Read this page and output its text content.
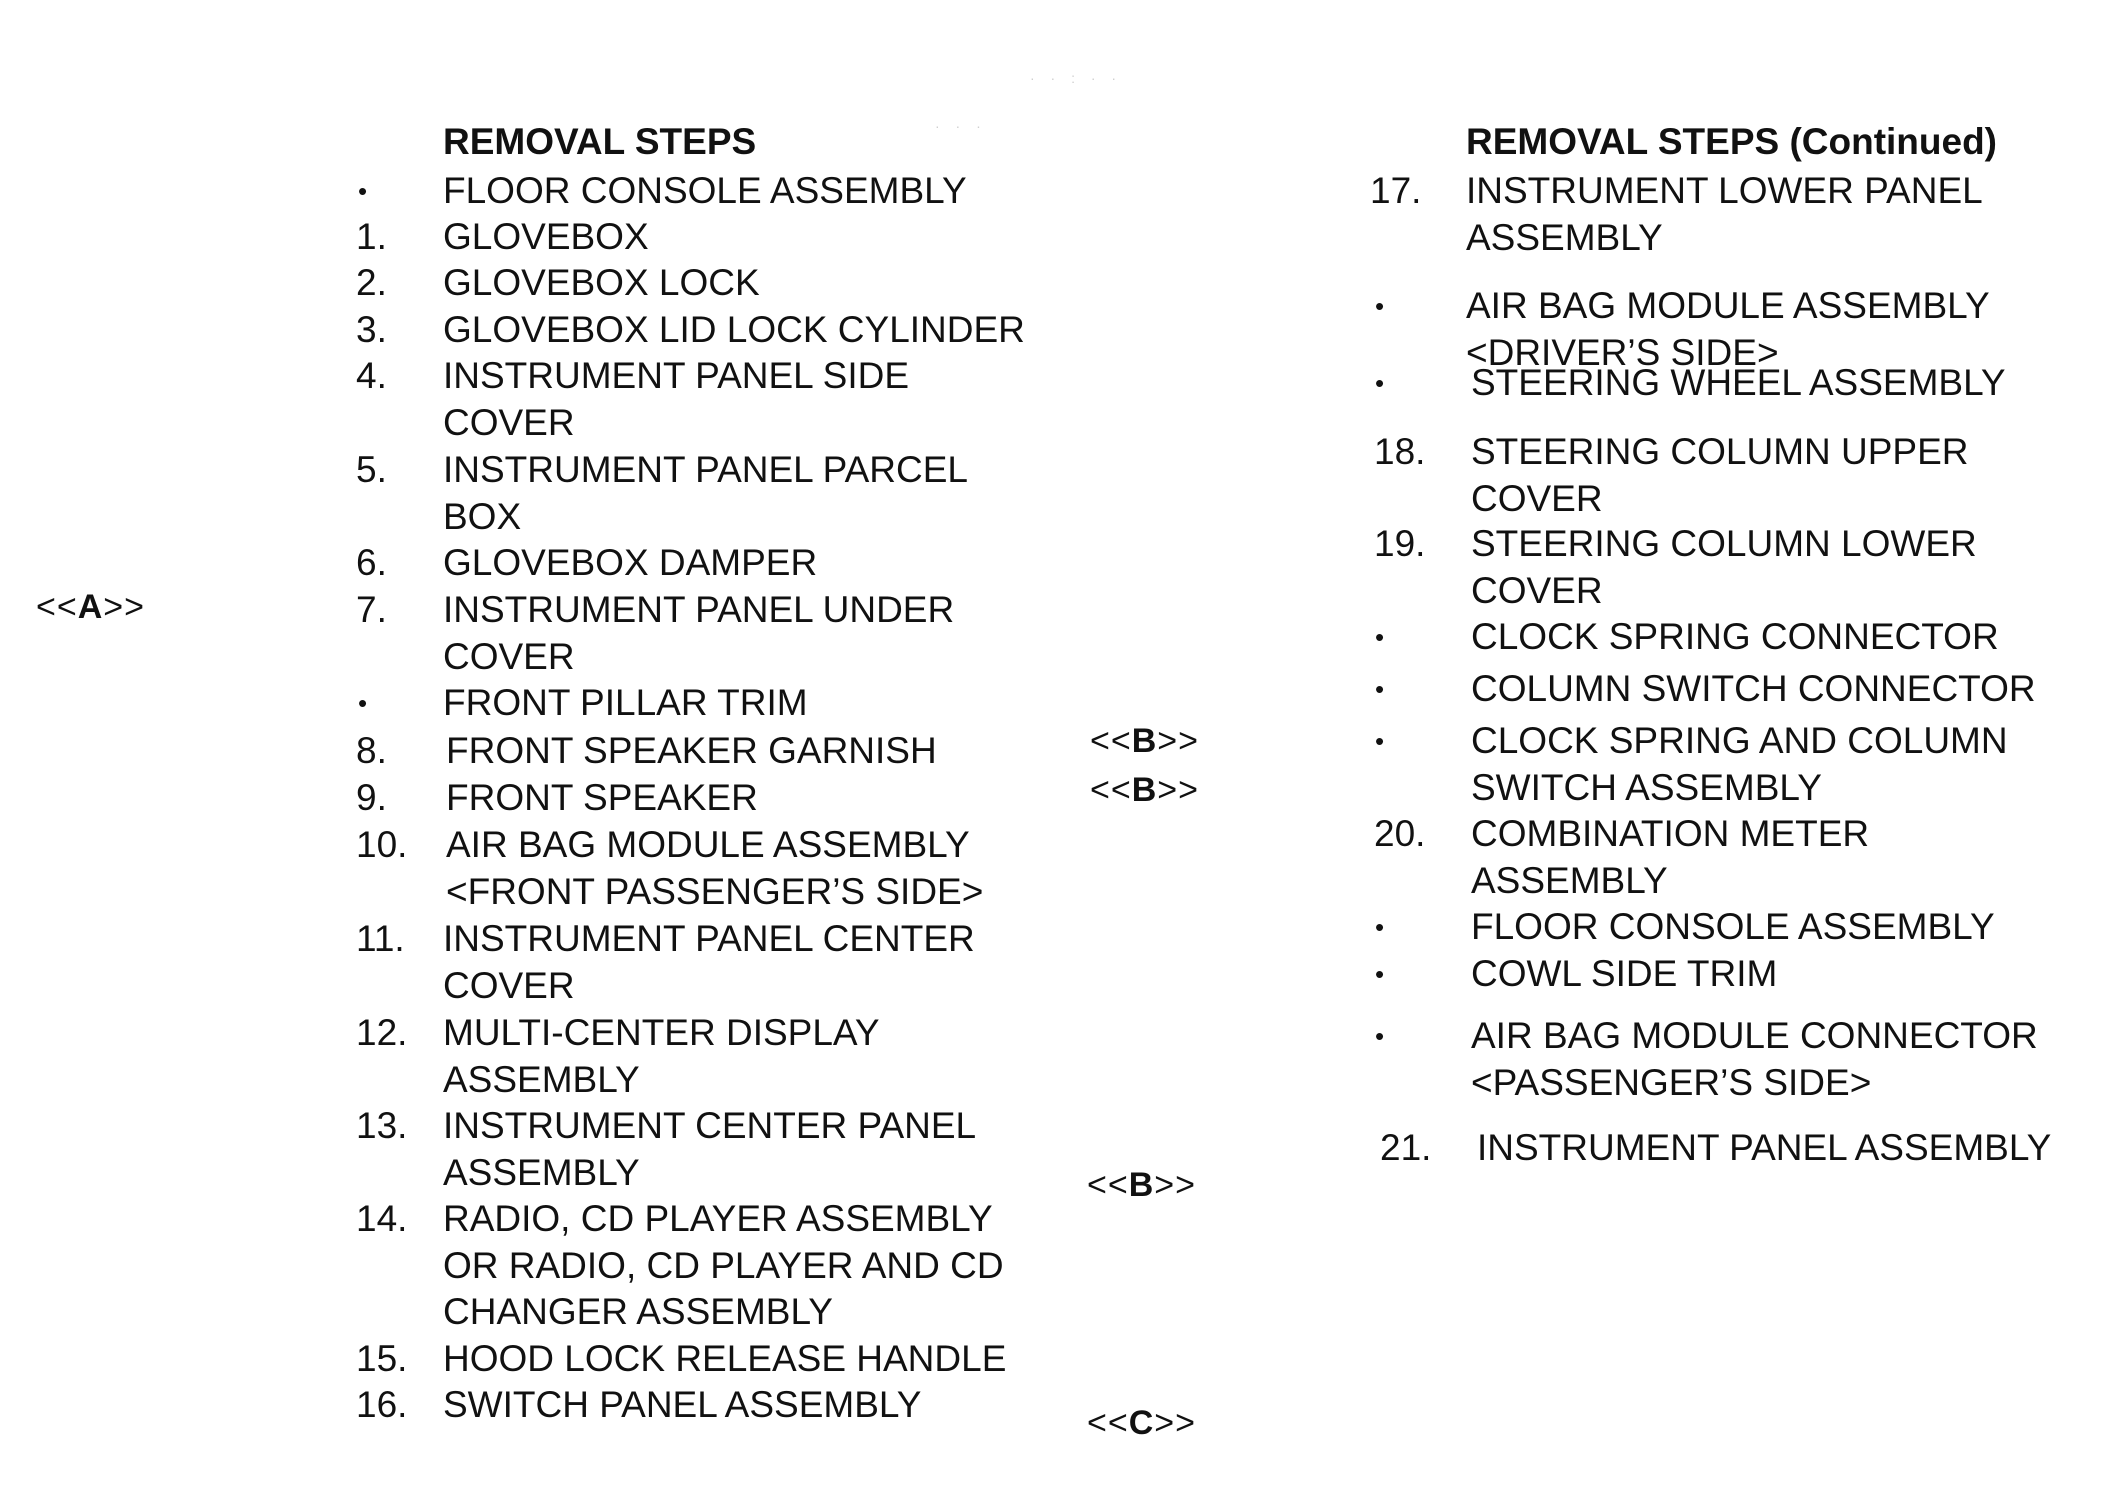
· · : · ·
· · ·
REMOVAL STEPS
• FLOOR CONSOLE ASSEMBLY
1. GLOVEBOX
2. GLOVEBOX LOCK
3. GLOVEBOX LID LOCK CYLINDER
4. INSTRUMENT PANEL SIDE
COVER
5. INSTRUMENT PANEL PARCEL
BOX
6. GLOVEBOX DAMPER
7. INSTRUMENT PANEL UNDER
COVER
• FRONT PILLAR TRIM
8. FRONT SPEAKER GARNISH
9. FRONT SPEAKER
10. AIR BAG MODULE ASSEMBLY
<FRONT PASSENGER’S SIDE>
11. INSTRUMENT PANEL CENTER
COVER
12. MULTI-CENTER DISPLAY
ASSEMBLY
13. INSTRUMENT CENTER PANEL
ASSEMBLY
14. RADIO, CD PLAYER ASSEMBLY
OR RADIO, CD PLAYER AND CD
CHANGER ASSEMBLY
15. HOOD LOCK RELEASE HANDLE
16. SWITCH PANEL ASSEMBLY
REMOVAL STEPS (Continued)
17. INSTRUMENT LOWER PANEL
ASSEMBLY
• AIR BAG MODULE ASSEMBLY
<DRIVER’S SIDE>
• STEERING WHEEL ASSEMBLY
18. STEERING COLUMN UPPER
COVER
19. STEERING COLUMN LOWER
COVER
• CLOCK SPRING CONNECTOR
• COLUMN SWITCH CONNECTOR
• CLOCK SPRING AND COLUMN
SWITCH ASSEMBLY
20. COMBINATION METER
ASSEMBLY
• FLOOR CONSOLE ASSEMBLY
• COWL SIDE TRIM
• AIR BAG MODULE CONNECTOR
<PASSENGER’S SIDE>
21. INSTRUMENT PANEL ASSEMBLY
<<A>>
<<B>>
<<B>>
<<B>>
<<C>>
